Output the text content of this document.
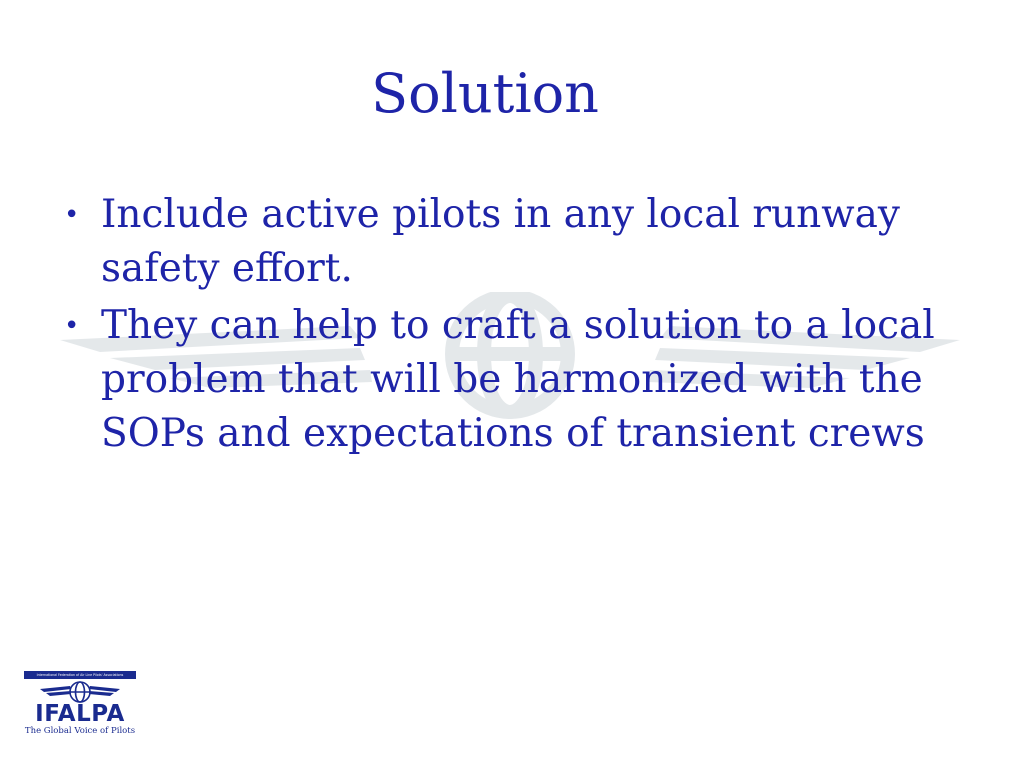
Solution
• Include active pilots in any local runway safety effort.
• They can help to craft a solution to a local problem that will be harmonized with the SOPs and expectations of transient crews
International Federation of Air Line Pilots' Associations
IFALPA
The Global Voice of Pilots
